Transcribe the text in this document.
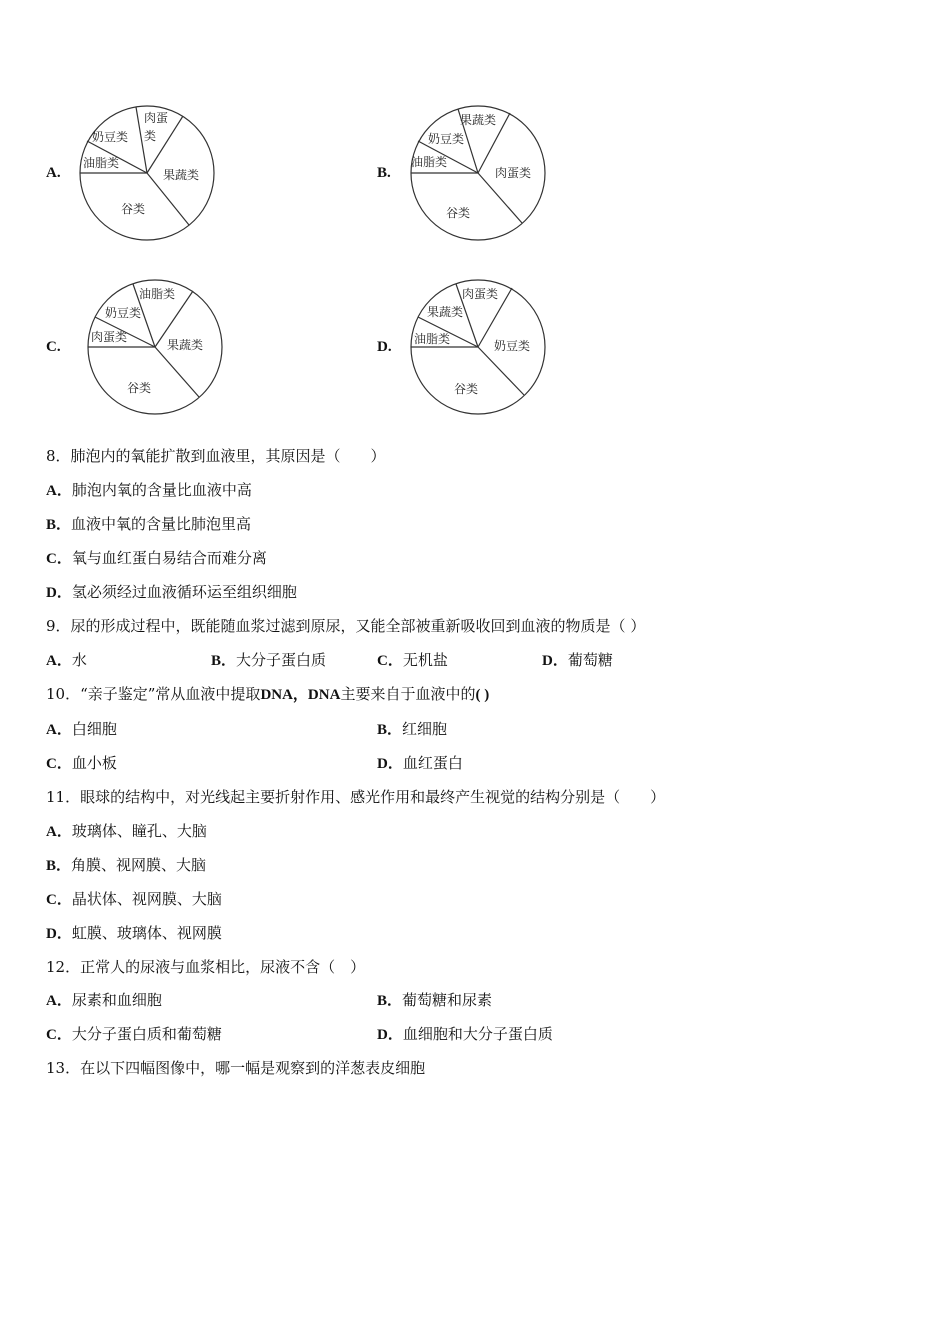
A.
肉蛋
类
奶豆类
油脂类
果蔬类
谷类
B.
果蔬类
奶豆类
油脂类
肉蛋类
谷类
C.
油脂类
奶豆类
肉蛋类
果蔬类
谷类
D.
肉蛋类
果蔬类
油脂类	奶豆类
谷类
8．肺泡内的氧能扩散到血液里，其原因是（　　）
A．肺泡内氧的含量比血液中高
B．血液中氧的含量比肺泡里高
C．氧与血红蛋白易结合而难分离
D．氢必须经过血液循环运至组织细胞
9．尿的形成过程中，既能随血浆过滤到原尿，又能全部被重新吸收回到血液的物质是（ ）
A．水	B．大分子蛋白质	C．无机盐	D．葡萄糖
10．“亲子鉴定”常从血液中提取DNA，DNA主要来自于血液中的( )
A．白细胞	B．红细胞
C．血小板	D．血红蛋白
11．眼球的结构中，对光线起主要折射作用、感光作用和最终产生视觉的结构分别是（　　）
A．玻璃体、瞳孔、大脑
B．角膜、视网膜、大脑
C．晶状体、视网膜、大脑
D．虹膜、玻璃体、视网膜
12．正常人的尿液与血浆相比，尿液不含（　）
A．尿素和血细胞	B．葡萄糖和尿素
C．大分子蛋白质和葡萄糖	D．血细胞和大分子蛋白质
13．在以下四幅图像中，哪一幅是观察到的洋葱表皮细胞
